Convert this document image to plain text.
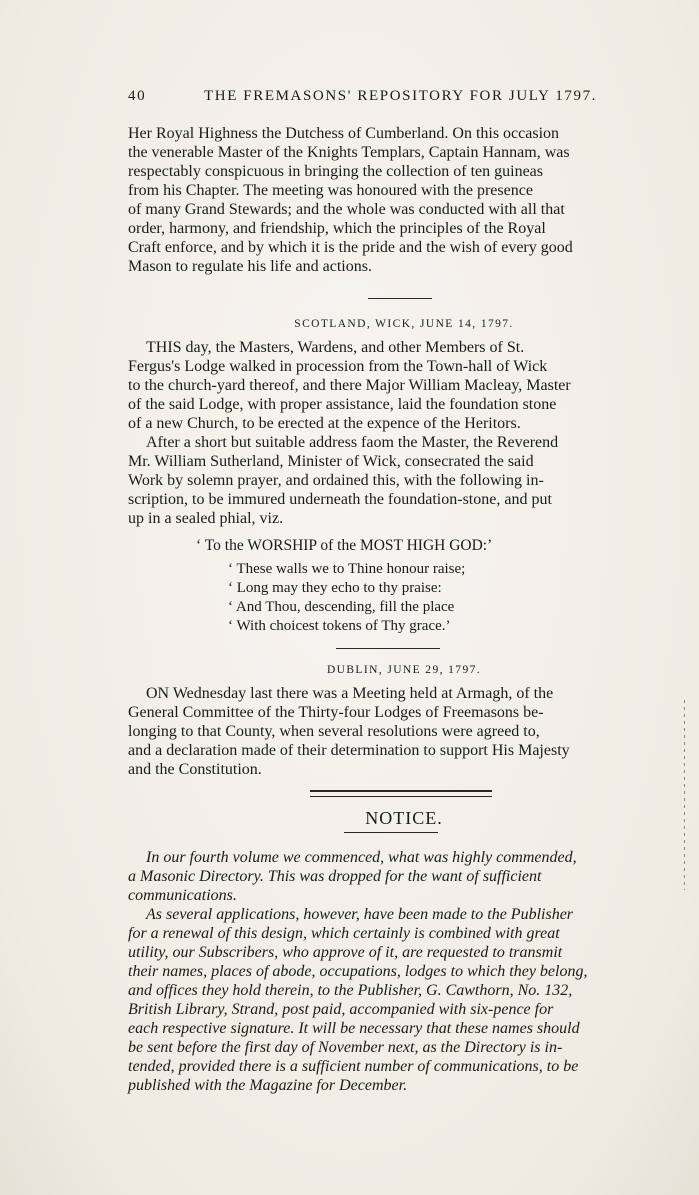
40	THE FREMASONS' REPOSITORY FOR JULY 1797.
Her Royal Highness the Dutchess of Cumberland. On this occasion
the venerable Master of the Knights Templars, Captain Hannam, was
respectably conspicuous in bringing the collection of ten guineas
from his Chapter. The meeting was honoured with the presence
of many Grand Stewards; and the whole was conducted with all that
order, harmony, and friendship, which the principles of the Royal
Craft enforce, and by which it is the pride and the wish of every good
Mason to regulate his life and actions.
SCOTLAND, WICK, JUNE 14, 1797.
THIS day, the Masters, Wardens, and other Members of St.
Fergus's Lodge walked in procession from the Town-hall of Wick
to the church-yard thereof, and there Major William Macleay, Master
of the said Lodge, with proper assistance, laid the foundation stone
of a new Church, to be erected at the expence of the Heritors.
After a short but suitable address faom the Master, the Reverend
Mr. William Sutherland, Minister of Wick, consecrated the said
Work by solemn prayer, and ordained this, with the following in-
scription, to be immured underneath the foundation-stone, and put
up in a sealed phial, viz.
‘ To the WORSHIP of the MOST HIGH GOD:’
‘ These walls we to Thine honour raise;
‘ Long may they echo to thy praise:
‘ And Thou, descending, fill the place
‘ With choicest tokens of Thy grace.’
DUBLIN, JUNE 29, 1797.
ON Wednesday last there was a Meeting held at Armagh, of the
General Committee of the Thirty-four Lodges of Freemasons be-
longing to that County, when several resolutions were agreed to,
and a declaration made of their determination to support His Majesty
and the Constitution.
NOTICE.
In our fourth volume we commenced, what was highly commended,
a Masonic Directory. This was dropped for the want of sufficient
communications.
As several applications, however, have been made to the Publisher
for a renewal of this design, which certainly is combined with great
utility, our Subscribers, who approve of it, are requested to transmit
their names, places of abode, occupations, lodges to which they belong,
and offices they hold therein, to the Publisher, G. Cawthorn, No. 132,
British Library, Strand, post paid, accompanied with six-pence for
each respective signature. It will be necessary that these names should
be sent before the first day of November next, as the Directory is in-
tended, provided there is a sufficient number of communications, to be
published with the Magazine for December.
